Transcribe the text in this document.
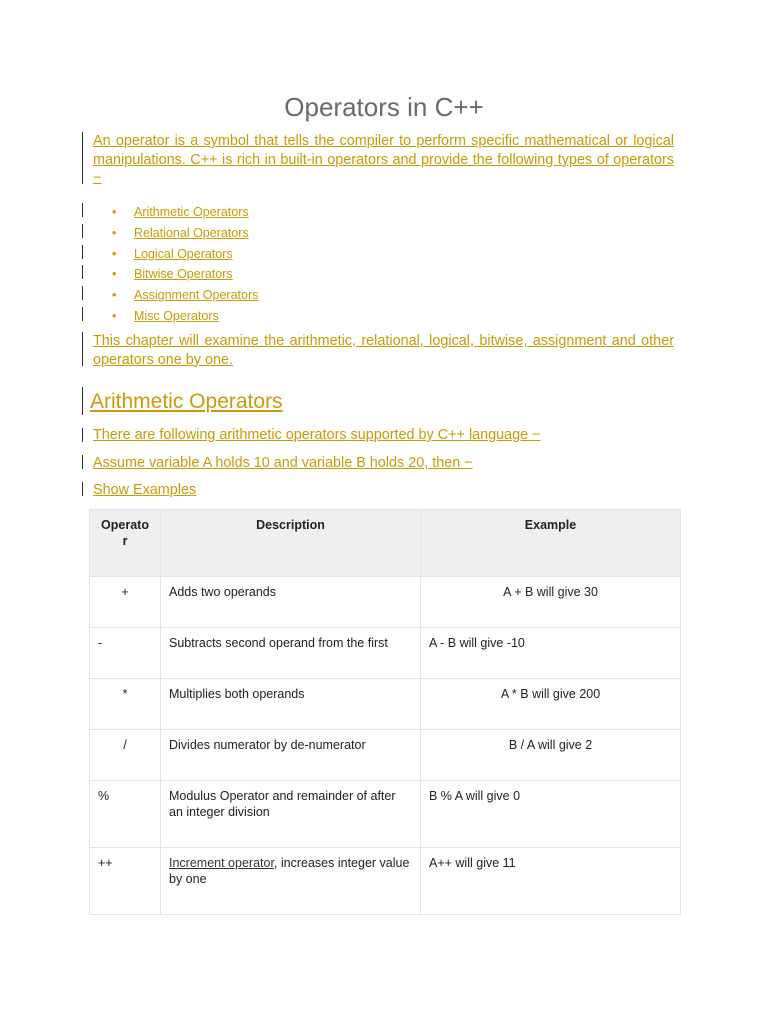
Operators in C++
An operator is a symbol that tells the compiler to perform specific mathematical or logical manipulations. C++ is rich in built-in operators and provide the following types of operators −
• Arithmetic Operators
• Relational Operators
• Logical Operators
• Bitwise Operators
• Assignment Operators
• Misc Operators
This chapter will examine the arithmetic, relational, logical, bitwise, assignment and other operators one by one.
Arithmetic Operators
There are following arithmetic operators supported by C++ language −
Assume variable A holds 10 and variable B holds 20, then −
Show Examples
Operato r	Description	Example
+	Adds two operands	A + B will give 30
-	Subtracts second operand from the first	A - B will give -10
*	Multiplies both operands	A * B will give 200
/	Divides numerator by de-numerator	B / A will give 2
%	Modulus Operator and remainder of after an integer division	B % A will give 0
++	Increment operator, increases integer value by one	A++ will give 11
